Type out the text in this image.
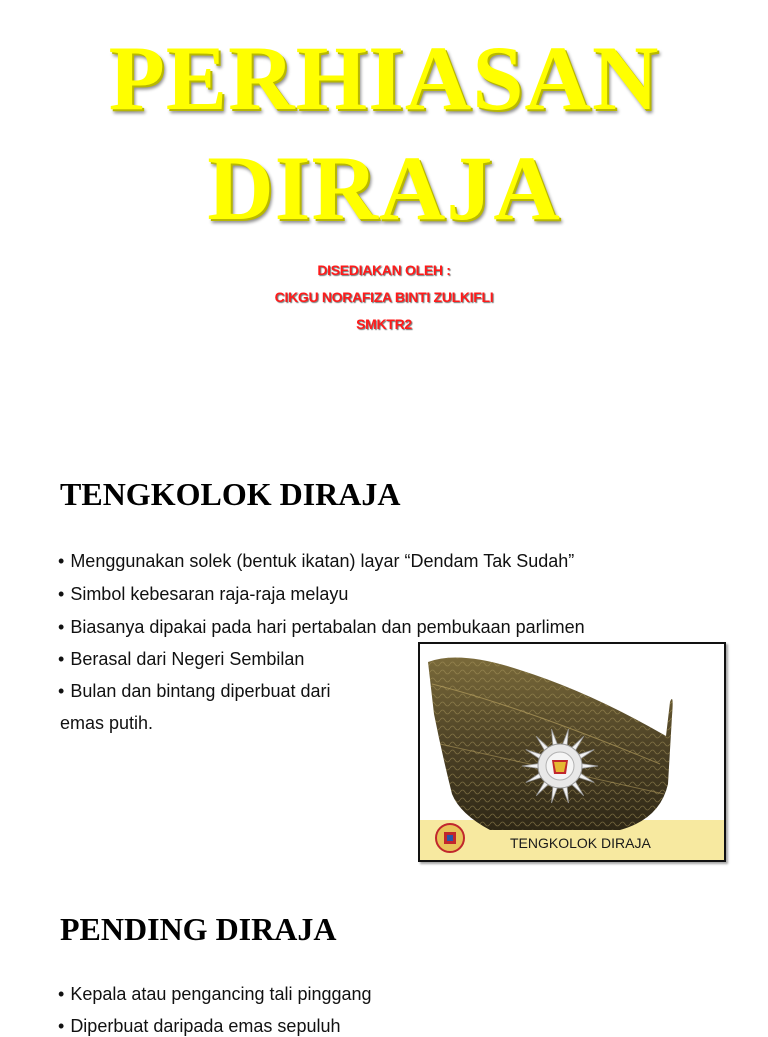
PERHIASAN
DIRAJA
DISEDIAKAN OLEH :
CIKGU NORAFIZA BINTI ZULKIFLI
SMKTR2
TENGKOLOK DIRAJA
• Menggunakan solek (bentuk ikatan) layar “Dendam Tak Sudah”
• Simbol kebesaran raja-raja melayu
• Biasanya dipakai pada hari pertabalan dan pembukaan parlimen
• Berasal dari Negeri Sembilan
• Bulan dan bintang diperbuat dari
emas putih.
TENGKOLOK DIRAJA
PENDING DIRAJA
• Kepala atau pengancing tali pinggang
• Diperbuat daripada emas sepuluh
